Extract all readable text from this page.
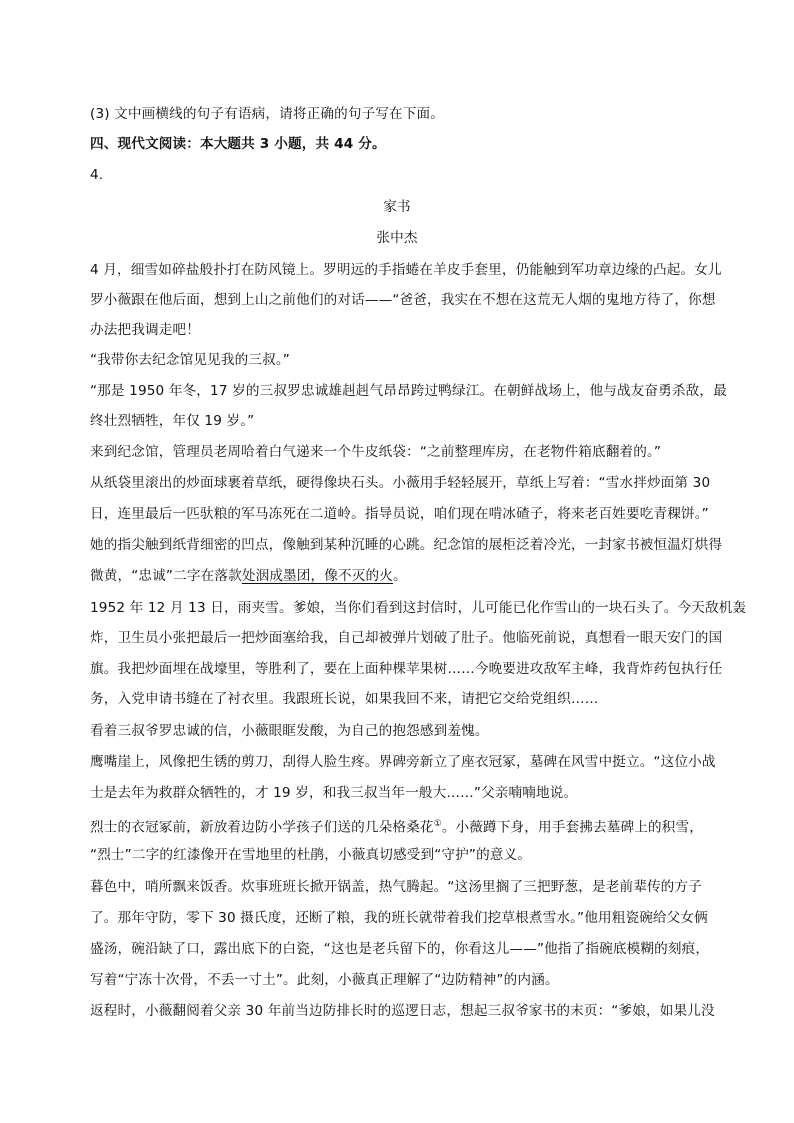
(3) 文中画横线的句子有语病，请将正确的句子写在下面。
四、现代文阅读：本大题共 3 小题，共 44 分。
4.
家书
张中杰
4 月，细雪如碎盐般扑打在防风镜上。罗明远的手指蜷在羊皮手套里，仍能触到军功章边缘的凸起。女儿
罗小薇跟在他后面，想到上山之前他们的对话——“爸爸，我实在不想在这荒无人烟的鬼地方待了，你想
办法把我调走吧！
“我带你去纪念馆见见我的三叔。”
“那是 1950 年冬，17 岁的三叔罗忠诚雄赳赳气昂昂跨过鸭绿江。在朝鲜战场上，他与战友奋勇杀敌，最
终壮烈牺牲，年仅 19 岁。”
来到纪念馆，管理员老周哈着白气递来一个牛皮纸袋：“之前整理库房，在老物件箱底翻着的。”
从纸袋里滚出的炒面球裹着草纸，硬得像块石头。小薇用手轻轻展开，草纸上写着：“雪水拌炒面第 30
日，连里最后一匹驮粮的军马冻死在二道岭。指导员说，咱们现在啃冰碴子，将来老百姓要吃青稞饼。”
她的指尖触到纸背细密的凹点，像触到某种沉睡的心跳。纪念馆的展柜泛着冷光，一封家书被恒温灯烘得
微黄，“忠诚”二字在落款处洇成墨团，像不灭的火。
1952 年 12 月 13 日，雨夹雪。爹娘，当你们看到这封信时，儿可能已化作雪山的一块石头了。今天敌机轰
炸，卫生员小张把最后一把炒面塞给我，自己却被弹片划破了肚子。他临死前说，真想看一眼天安门的国
旗。我把炒面埋在战壕里，等胜利了，要在上面种棵苹果树……今晚要进攻敌军主峰，我背炸药包执行任
务，入党申请书缝在了衬衣里。我跟班长说，如果我回不来，请把它交给党组织……
看着三叔爷罗忠诚的信，小薇眼眶发酸，为自己的抱怨感到羞愧。
鹰嘴崖上，风像把生锈的剪刀，刮得人脸生疼。界碑旁新立了座衣冠冢，墓碑在风雪中挺立。“这位小战
士是去年为救群众牺牲的，才 19 岁，和我三叔当年一般大……”父亲喃喃地说。
烈士的衣冠冢前，新放着边防小学孩子们送的几朵格桑花①。小薇蹲下身，用手套拂去墓碑上的积雪，
“烈士”二字的红漆像开在雪地里的杜鹃，小薇真切感受到“守护”的意义。
暮色中，哨所飘来饭香。炊事班班长掀开锅盖，热气腾起。“这汤里搁了三把野葱，是老前辈传的方子
了。那年守防，零下 30 摄氏度，还断了粮，我的班长就带着我们挖草根煮雪水。”他用粗瓷碗给父女俩
盛汤，碗沿缺了口，露出底下的白瓷，“这也是老兵留下的，你看这儿——”他指了指碗底模糊的刻痕，
写着“宁冻十次骨，不丢一寸土”。此刻，小薇真正理解了“边防精神”的内涵。
返程时，小薇翻阅着父亲 30 年前当边防排长时的巡逻日志，想起三叔爷家书的末页：“爹娘，如果儿没
